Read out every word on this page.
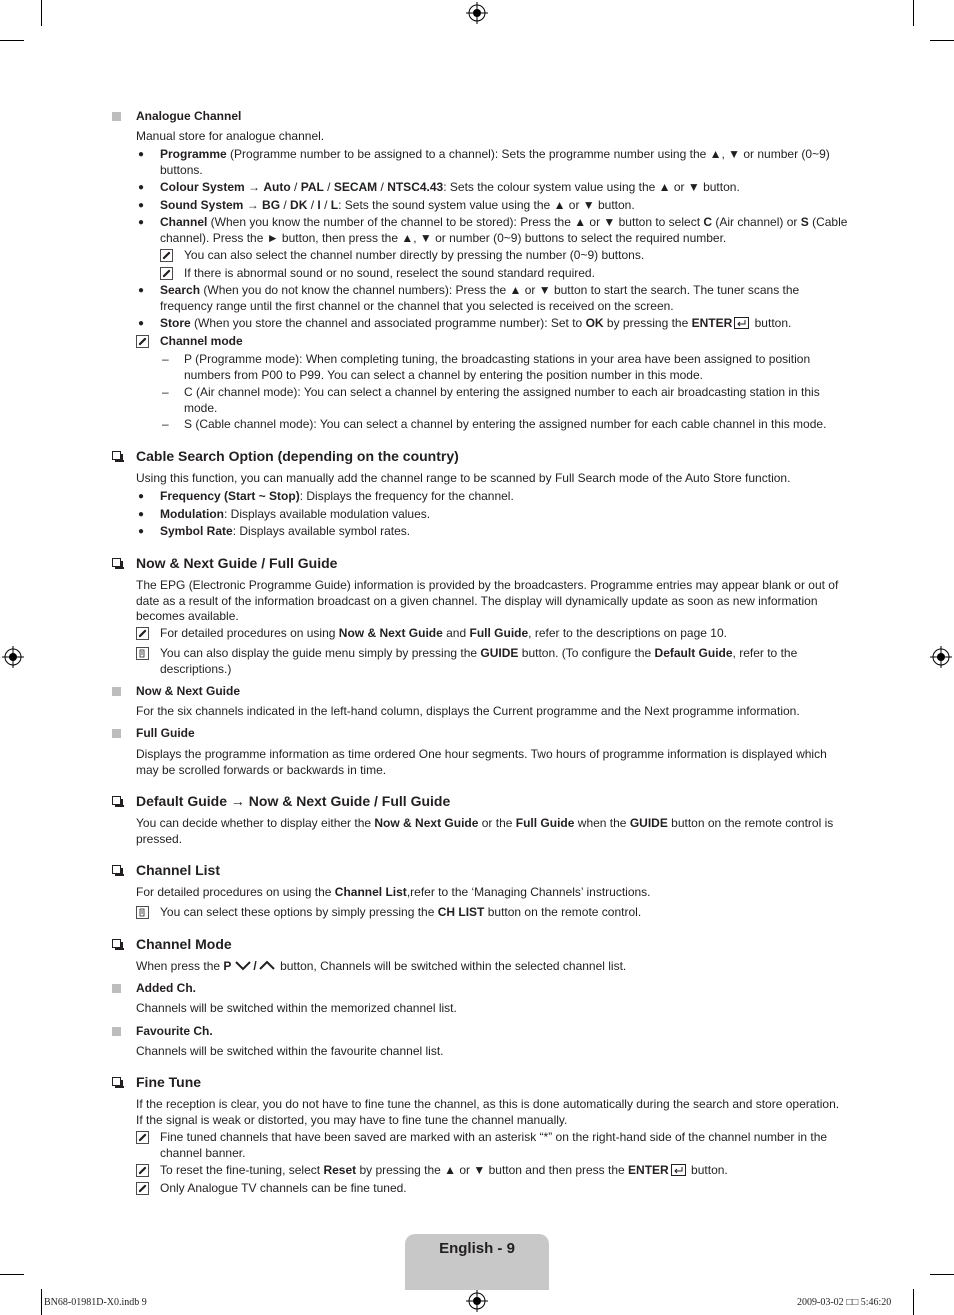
Analogue Channel
Manual store for analogue channel.
● Programme (Programme number to be assigned to a channel): Sets the programme number using the ▲, ▼ or number (0~9) buttons.
● Colour System → Auto / PAL / SECAM / NTSC4.43: Sets the colour system value using the ▲ or ▼ button.
● Sound System → BG / DK / I / L: Sets the sound system value using the ▲ or ▼ button.
● Channel (When you know the number of the channel to be stored): Press the ▲ or ▼ button to select C (Air channel) or S (Cable channel). Press the ► button, then press the ▲, ▼ or number (0~9) buttons to select the required number.
You can also select the channel number directly by pressing the number (0~9) buttons.
If there is abnormal sound or no sound, reselect the sound standard required.
● Search (When you do not know the channel numbers): Press the ▲ or ▼ button to start the search. The tuner scans the frequency range until the first channel or the channel that you selected is received on the screen.
● Store (When you store the channel and associated programme number): Set to OK by pressing the ENTER button.
Channel mode
– P (Programme mode): When completing tuning, the broadcasting stations in your area have been assigned to position numbers from P00 to P99. You can select a channel by entering the position number in this mode.
– C (Air channel mode): You can select a channel by entering the assigned number to each air broadcasting station in this mode.
– S (Cable channel mode): You can select a channel by entering the assigned number for each cable channel in this mode.
Cable Search Option (depending on the country)
Using this function, you can manually add the channel range to be scanned by Full Search mode of the Auto Store function.
● Frequency (Start ~ Stop): Displays the frequency for the channel.
● Modulation: Displays available modulation values.
● Symbol Rate: Displays available symbol rates.
Now & Next Guide / Full Guide
The EPG (Electronic Programme Guide) information is provided by the broadcasters. Programme entries may appear blank or out of date as a result of the information broadcast on a given channel. The display will dynamically update as soon as new information becomes available.
For detailed procedures on using Now & Next Guide and Full Guide, refer to the descriptions on page 10.
You can also display the guide menu simply by pressing the GUIDE button. (To configure the Default Guide, refer to the descriptions.)
Now & Next Guide
For the six channels indicated in the left-hand column, displays the Current programme and the Next programme information.
Full Guide
Displays the programme information as time ordered One hour segments. Two hours of programme information is displayed which may be scrolled forwards or backwards in time.
Default Guide → Now & Next Guide / Full Guide
You can decide whether to display either the Now & Next Guide or the Full Guide when the GUIDE button on the remote control is pressed.
Channel List
For detailed procedures on using the Channel List,refer to the ‘Managing Channels’ instructions.
You can select these options by simply pressing the CH LIST button on the remote control.
Channel Mode
When press the P / button, Channels will be switched within the selected channel list.
Added Ch.
Channels will be switched within the memorized channel list.
Favourite Ch.
Channels will be switched within the favourite channel list.
Fine Tune
If the reception is clear, you do not have to fine tune the channel, as this is done automatically during the search and store operation. If the signal is weak or distorted, you may have to fine tune the channel manually.
Fine tuned channels that have been saved are marked with an asterisk “*” on the right-hand side of the channel number in the channel banner.
To reset the fine-tuning, select Reset by pressing the ▲ or ▼ button and then press the ENTER button.
Only Analogue TV channels can be fine tuned.
English - 9
BN68-01981D-X0.indb 9	2009-03-02 □□ 5:46:20
